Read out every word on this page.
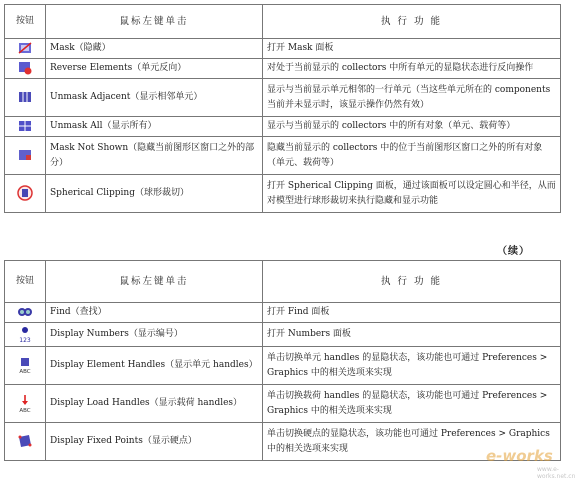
按钮	鼠标左键单击	执 行 功 能
	Mask（隐藏）	打开 Mask 面板
	Reverse Elements（单元反向）	对处于当前显示的 collectors 中所有单元的显隐状态进行反向操作
	Unmask Adjacent（显示相邻单元）	显示与当前显示单元相邻的一行单元（当这些单元所在的 components 当前并未显示时，该显示操作仍然有效）
	Unmask All（显示所有）	显示与当前显示的 collectors 中的所有对象（单元、载荷等）
	Mask Not Shown（隐藏当前图形区窗口之外的部分）	隐藏当前显示的 collectors 中的位于当前图形区窗口之外的所有对象（单元、载荷等）
	Spherical Clipping（球形裁切）	打开 Spherical Clipping 面板，通过该面板可以设定圆心和半径，从而对模型进行球形裁切来执行隐藏和显示功能
（续）
按钮	鼠标左键单击	执 行 功 能
	Find（查找）	打开 Find 面板

123	Display Numbers（显示编号）	打开 Numbers 面板

ABC	Display Element Handles（显示单元 handles）	单击切换单元 handles 的显隐状态，该功能也可通过 Preferences > Graphics 中的相关选项来实现

ABC	Display Load Handles（显示载荷 handles）	单击切换载荷 handles 的显隐状态，该功能也可通过 Preferences > Graphics 中的相关选项来实现
	Display Fixed Points（显示硬点）	单击切换硬点的显隐状态，该功能也可通过 Preferences > Graphics 中的相关选项来实现	e-works
www.e-works.net.cn
